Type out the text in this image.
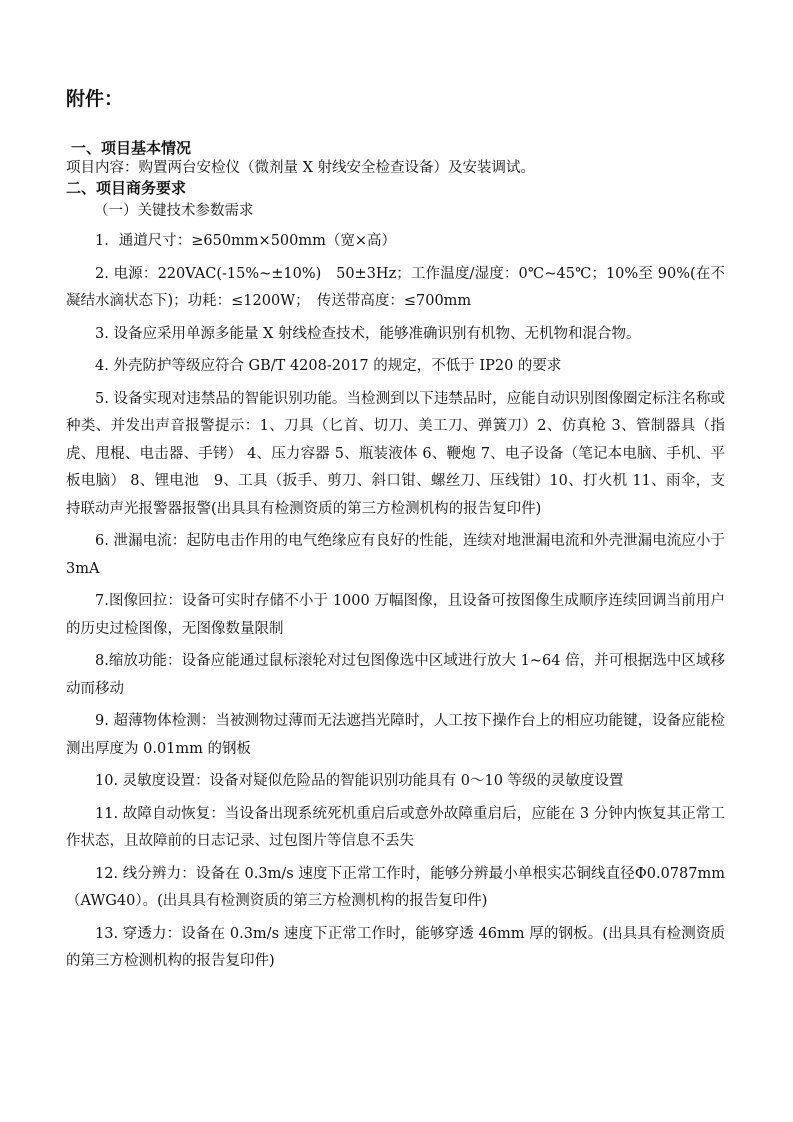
附件：

一、项目基本情况

项目内容：购置两台安检仪（微剂量 X 射线安全检查设备）及安装调试。

二、项目商务要求

（一）关键技术参数需求

1．通道尺寸：≥650mm×500mm（宽×高）

2. 电源：220VAC(-15%~±10%)　50±3Hz；工作温度/湿度：0℃~45℃；10%至 90%(在不凝结水滴状态下)；功耗：≤1200W；　传送带高度：≤700mm

3. 设备应采用单源多能量 X 射线检查技术，能够准确识别有机物、无机物和混合物。

4. 外壳防护等级应符合 GB/T 4208-2017 的规定，不低于 IP20 的要求

5. 设备实现对违禁品的智能识别功能。当检测到以下违禁品时，应能自动识别图像圈定标注名称或种类、并发出声音报警提示：1、刀具（匕首、切刀、美工刀、弹簧刀）2、仿真枪 3、管制器具（指虎、甩棍、电击器、手铐） 4、压力容器 5、瓶装液体 6、鞭炮 7、电子设备（笔记本电脑、手机、平板电脑） 8、锂电池　9、工具（扳手、剪刀、斜口钳、螺丝刀、压线钳）10、打火机 11、雨伞，支持联动声光报警器报警(出具具有检测资质的第三方检测机构的报告复印件)

6. 泄漏电流：起防电击作用的电气绝缘应有良好的性能，连续对地泄漏电流和外壳泄漏电流应小于 3mA

7.图像回拉：设备可实时存储不小于 1000 万幅图像，且设备可按图像生成顺序连续回调当前用户的历史过检图像，无图像数量限制

8.缩放功能：设备应能通过鼠标滚轮对过包图像选中区域进行放大 1~64 倍，并可根据选中区域移动而移动

9. 超薄物体检测：当被测物过薄而无法遮挡光障时，人工按下操作台上的相应功能键，设备应能检测出厚度为 0.01mm 的钢板

10. 灵敏度设置：设备对疑似危险品的智能识别功能具有 0～10 等级的灵敏度设置

11. 故障自动恢复：当设备出现系统死机重启后或意外故障重启后，应能在 3 分钟内恢复其正常工作状态，且故障前的日志记录、过包图片等信息不丢失

12. 线分辨力：设备在 0.3m/s 速度下正常工作时，能够分辨最小单根实芯铜线直径Φ0.0787mm（AWG40）。(出具具有检测资质的第三方检测机构的报告复印件)

13. 穿透力：设备在 0.3m/s 速度下正常工作时，能够穿透 46mm 厚的钢板。(出具具有检测资质的第三方检测机构的报告复印件)
